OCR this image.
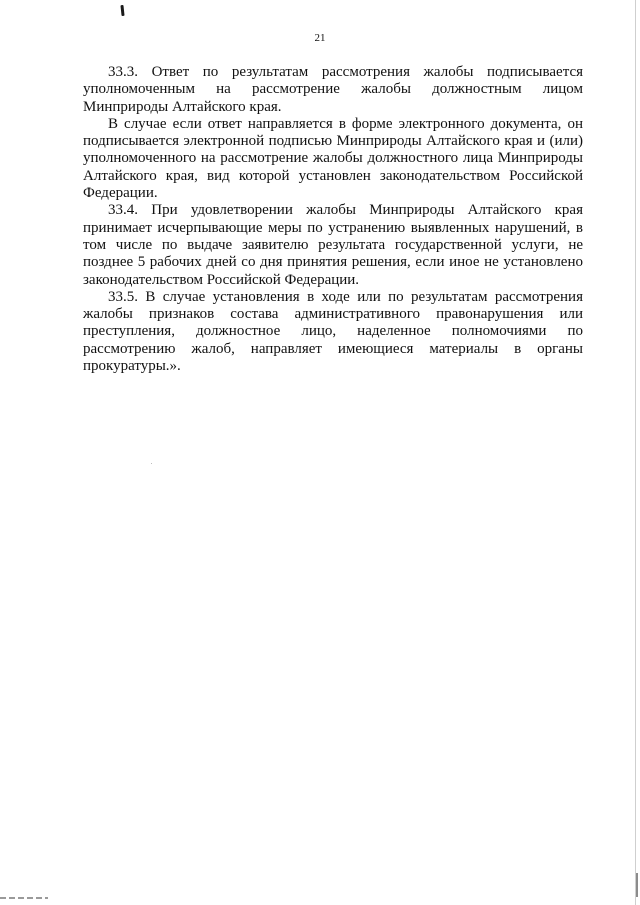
21

33.3. Ответ по результатам рассмотрения жалобы подписывается уполномоченным на рассмотрение жалобы должностным лицом Минприроды Алтайского края.

В случае если ответ направляется в форме электронного документа, он подписывается электронной подписью Минприроды Алтайского края и (или) уполномоченного на рассмотрение жалобы должностного лица Минприроды Алтайского края, вид которой установлен законодательством Российской Федерации.

33.4. При удовлетворении жалобы Минприроды Алтайского края принимает исчерпывающие меры по устранению выявленных нарушений, в том числе по выдаче заявителю результата государственной услуги, не позднее 5 рабочих дней со дня принятия решения, если иное не установлено законодательством Российской Федерации.

33.5. В случае установления в ходе или по результатам рассмотрения жалобы признаков состава административного правонарушения или преступления, должностное лицо, наделенное полномочиями по рассмотрению жалоб, направляет имеющиеся материалы в органы прокуратуры.».
